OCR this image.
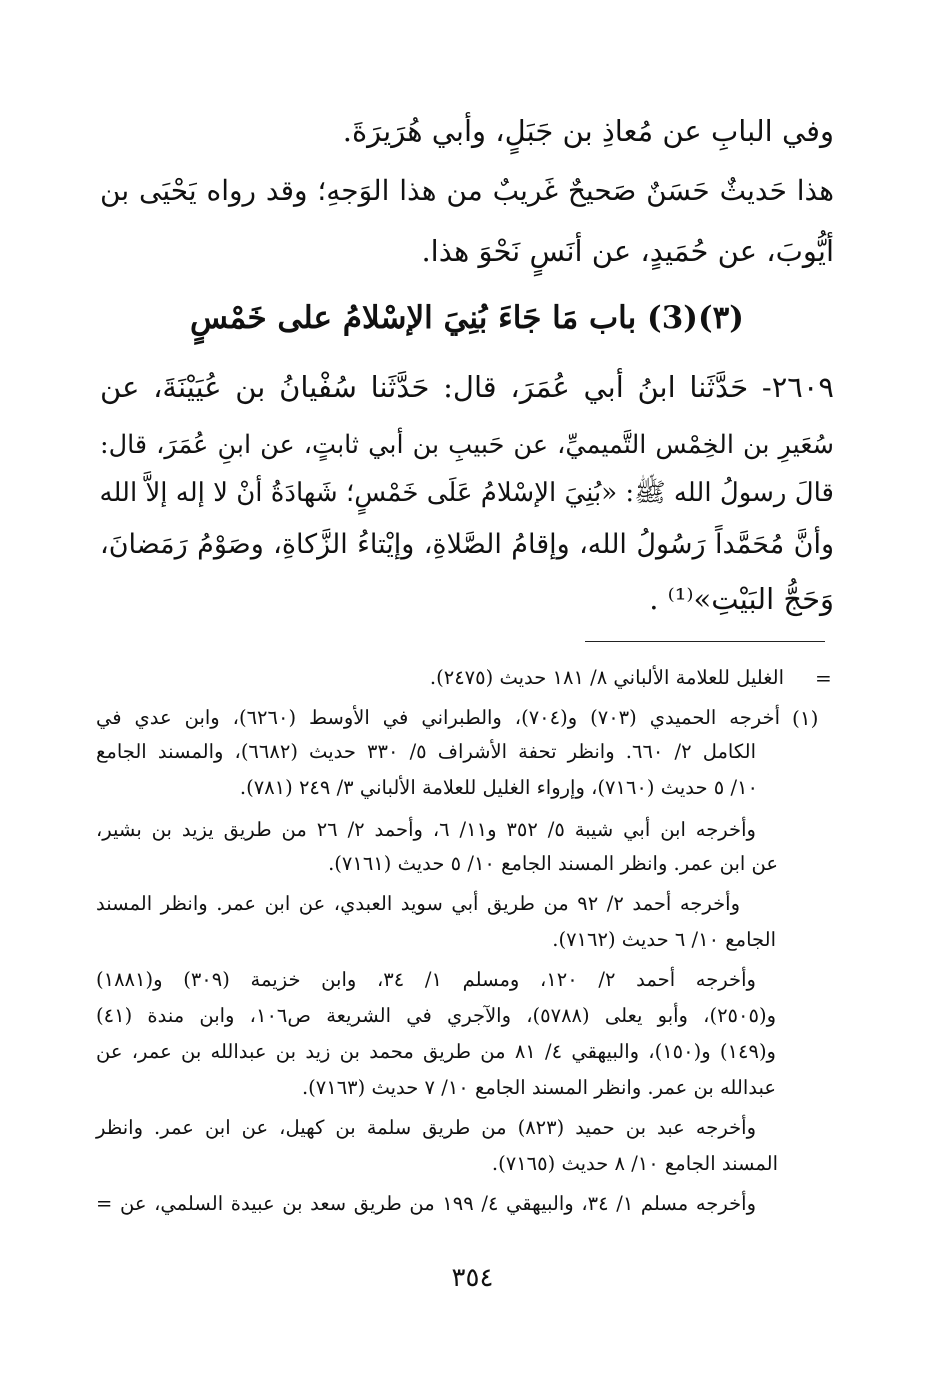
وفي البابِ عن مُعاذِ بن جَبَلٍ، وأبي هُرَيرَةَ.
هذا حَديثٌ حَسَنٌ صَحيحٌ غَريبٌ من هذا الوَجهِ؛ وقد رواه يَحْيَى بن
أيُّوبَ، عن حُمَيدٍ، عن أنَسٍ نَحْوَ هذا.
(٣)(3) باب مَا جَاءَ بُنِيَ الإسْلامُ على خَمْسٍ
٢٦٠٩- حَدَّثَنا ابنُ أبي عُمَرَ، قال: حَدَّثَنا سُفْيانُ بن عُيَيْنَةَ، عن
سُعَيرِ بن الخِمْس التَّميميِّ، عن حَبيبِ بن أبي ثابتٍ، عن ابنِ عُمَرَ، قال:
قالَ رسولُ الله ﷺ: «بُنِيَ الإسْلامُ عَلَى خَمْسٍ؛ شَهادَةُ أنْ لا إله إلاَّ الله
وأنَّ مُحَمَّداً رَسُولُ الله، وإقامُ الصَّلاةِ، وإيْتاءُ الزَّكاةِ، وصَوْمُ رَمَضانَ،
وَحَجُّ البَيْتِ»⁽¹⁾ .
=
الغليل للعلامة الألباني ٨/ ١٨١ حديث (٢٤٧٥).
(١)
أخرجه الحميدي (٧٠٣) و(٧٠٤)، والطبراني في الأوسط (٦٢٦٠)، وابن عدي في
الكامل ٢/ ٦٦٠. وانظر تحفة الأشراف ٥/ ٣٣٠ حديث (٦٦٨٢)، والمسند الجامع
١٠/ ٥ حديث (٧١٦٠)، وإرواء الغليل للعلامة الألباني ٣/ ٢٤٩ (٧٨١).
وأخرجه ابن أبي شيبة ٥/ ٣٥٢ و١١/ ٦، وأحمد ٢/ ٢٦ من طريق يزيد بن بشير،
عن ابن عمر. وانظر المسند الجامع ١٠/ ٥ حديث (٧١٦١).
وأخرجه أحمد ٢/ ٩٢ من طريق أبي سويد العبدي، عن ابن عمر. وانظر المسند
الجامع ١٠/ ٦ حديث (٧١٦٢).
وأخرجه أحمد ٢/ ١٢٠، ومسلم ١/ ٣٤، وابن خزيمة (٣٠٩) و(١٨٨١)
و(٢٥٠٥)، وأبو يعلى (٥٧٨٨)، والآجري في الشريعة ص١٠٦، وابن مندة (٤١)
و(١٤٩) و(١٥٠)، والبيهقي ٤/ ٨١ من طريق محمد بن زيد بن عبدالله بن عمر، عن
عبدالله بن عمر. وانظر المسند الجامع ١٠/ ٧ حديث (٧١٦٣).
وأخرجه عبد بن حميد (٨٢٣) من طريق سلمة بن كهيل، عن ابن عمر. وانظر
المسند الجامع ١٠/ ٨ حديث (٧١٦٥).
وأخرجه مسلم ١/ ٣٤، والبيهقي ٤/ ١٩٩ من طريق سعد بن عبيدة السلمي، عن =
٣٥٤
